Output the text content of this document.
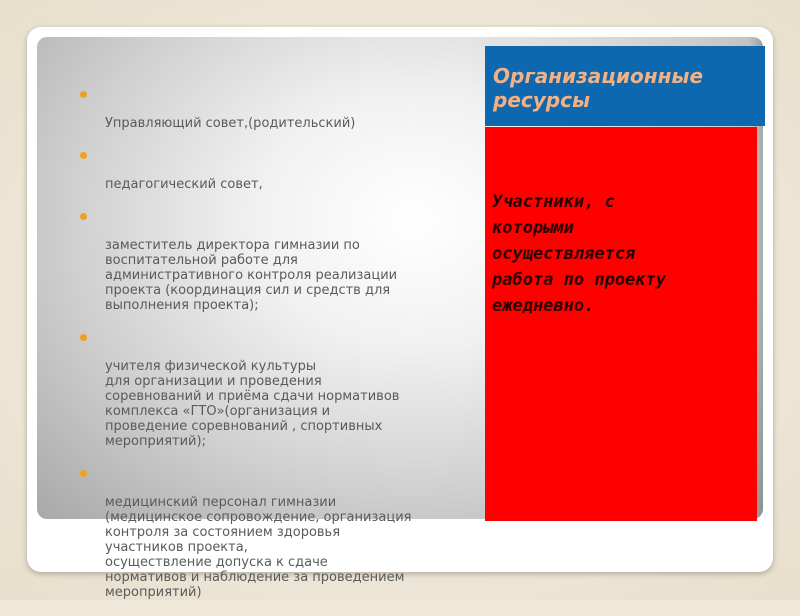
Управляющий совет,(родительский)

педагогический совет,

заместитель директора гимназии по
воспитательной работе для
административного контроля реализации
проекта (координация сил и средств для
выполнения проекта);

учителя физической культуры
для организации и проведения
соревнований и приёма сдачи нормативов
комплекса «ГТО»(организация и
проведение соревнований , спортивных
мероприятий);

медицинский персонал гимназии
(медицинское сопровождение, организация
контроля за состоянием здоровья
участников проекта,
осуществление допуска к сдаче
нормативов и наблюдение за проведением
мероприятий)

Организационные
ресурсы

Участники, с
которыми
осуществляется
работа по проекту
ежедневно.
